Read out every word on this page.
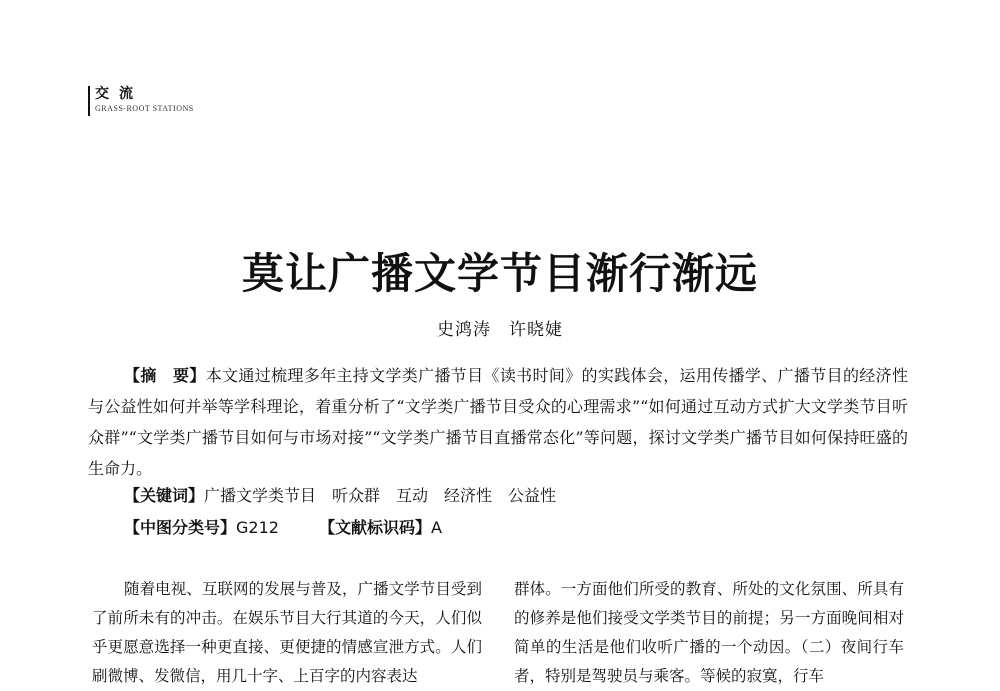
交流
GRASS-ROOT STATIONS
莫让广播文学节目渐行渐远
史鸿涛　许晓婕
【摘　要】本文通过梳理多年主持文学类广播节目《读书时间》的实践体会，运用传播学、广播节目的经济性与公益性如何并举等学科理论，着重分析了“文学类广播节目受众的心理需求”“如何通过互动方式扩大文学类节目听众群”“文学类广播节目如何与市场对接”“文学类广播节目直播常态化”等问题，探讨文学类广播节目如何保持旺盛的生命力。
【关键词】广播文学类节目　听众群　互动　经济性　公益性
【中图分类号】G212	【文献标识码】A
随着电视、互联网的发展与普及，广播文学节目受到了前所未有的冲击。在娱乐节目大行其道的今天，人们似乎更愿意选择一种更直接、更便捷的情感宣泄方式。人们刷微博、发微信，用几十字、上百字的内容表达
群体。一方面他们所受的教育、所处的文化氛围、所具有的修养是他们接受文学类节目的前提；另一方面晚间相对简单的生活是他们收听广播的一个动因。（二）夜间行车者，特别是驾驶员与乘客。等候的寂寞，行车
